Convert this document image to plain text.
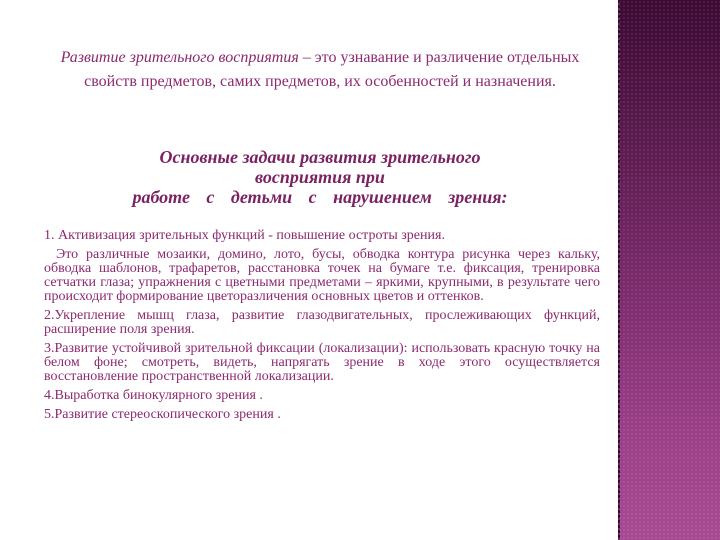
Развитие зрительного восприятия – это узнавание и различение отдельных свойств предметов, самих предметов, их особенностей и назначения.
Основные задачи развития зрительного
восприятия при
работе с детьми с нарушением зрения:

1. Активизация зрительных функций - повышение остроты зрения.

Это различные мозаики, домино, лото, бусы, обводка контура рисунка через кальку, обводка шаблонов, трафаретов, расстановка точек на бумаге т.е. фиксация, тренировка сетчатки глаза; упражнения с цветными предметами – яркими, крупными, в результате чего происходит формирование цветоразличения основных цветов и оттенков.

2.Укрепление мышц глаза, развитие глазодвигательных, прослеживающих функций, расширение поля зрения.

3.Развитие устойчивой зрительной фиксации (локализации): использовать красную точку на белом фоне; смотреть, видеть, напрягать зрение в ходе этого осуществляется восстановление пространственной локализации.

4.Выработка бинокулярного зрения .

5.Развитие стереоскопического зрения .
